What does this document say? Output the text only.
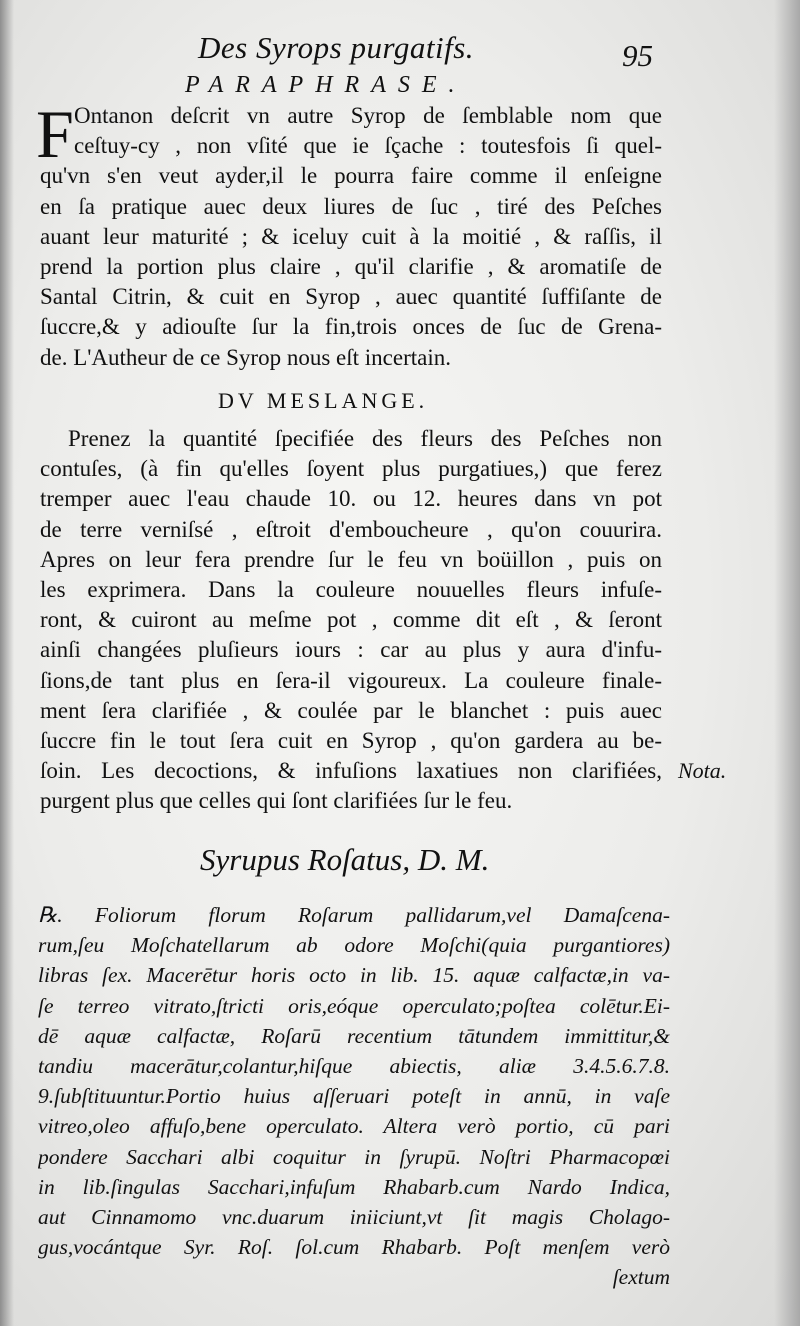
Des Syrops purgatifs.	95
PARAPHRASE.
F Ontanon deſcrit vn autre Syrop de ſemblable nom que
ceſtuy-cy , non vſité que ie ſçache : toutesfois ſi quel-
qu'vn s'en veut ayder,il le pourra faire comme il enſeigne
en ſa pratique auec deux liures de ſuc , tiré des Peſches
auant leur maturité ; & iceluy cuit à la moitié , & raſſis, il
prend la portion plus claire , qu'il clarifie , & aromatiſe de
Santal Citrin, & cuit en Syrop , auec quantité ſuffiſante de
ſuccre,& y adiouſte ſur la fin,trois onces de ſuc de Grena-
de. L'Autheur de ce Syrop nous eſt incertain.
DV MESLANGE.
Prenez la quantité ſpecifiée des fleurs des Peſches non
contuſes, (à fin qu'elles ſoyent plus purgatiues,) que ferez
tremper auec l'eau chaude 10. ou 12. heures dans vn pot
de terre verniſsé , eſtroit d'emboucheure , qu'on couurira.
Apres on leur fera prendre ſur le feu vn boüillon , puis on
les exprimera. Dans la couleure nouuelles fleurs infuſe-
ront, & cuiront au meſme pot , comme dit eſt , & ſeront
ainſi changées pluſieurs iours : car au plus y aura d'infu-
ſions,de tant plus en ſera-il vigoureux. La couleure finale-
ment ſera clarifiée , & coulée par le blanchet : puis auec
ſuccre fin le tout ſera cuit en Syrop , qu'on gardera au be-
ſoin. Les decoctions, & infuſions laxatiues non clarifiées,
purgent plus que celles qui ſont clarifiées ſur le feu.
Nota.
Syrupus Roſatus, D. M.
℞. Foliorum florum Roſarum pallidarum,vel Damaſcena-
rum,ſeu Moſchatellarum ab odore Moſchi(quia purgantiores)
libras ſex. Macerētur horis octo in lib. 15. aquæ calfactæ,in va-
ſe terreo vitrato,ſtricti oris,eóque operculato;poſtea colētur.Ei-
dē aquæ calfactæ, Roſarū recentium tātundem immittitur,&
tandiu macerātur,colantur,hiſque abiectis, aliæ 3.4.5.6.7.8.
9.ſubſtituuntur.Portio huius aſſeruari poteſt in annū, in vaſe
vitreo,oleo affuſo,bene operculato. Altera verò portio, cū pari
pondere Sacchari albi coquitur in ſyrupū. Noſtri Pharmacopœi
in lib.ſingulas Sacchari,infuſum Rhabarb.cum Nardo Indica,
aut Cinnamomo vnc.duarum iniiciunt,vt ſit magis Cholago-
gus,vocántque Syr. Roſ. ſol.cum Rhabarb. Poſt menſem verò
ſextum
